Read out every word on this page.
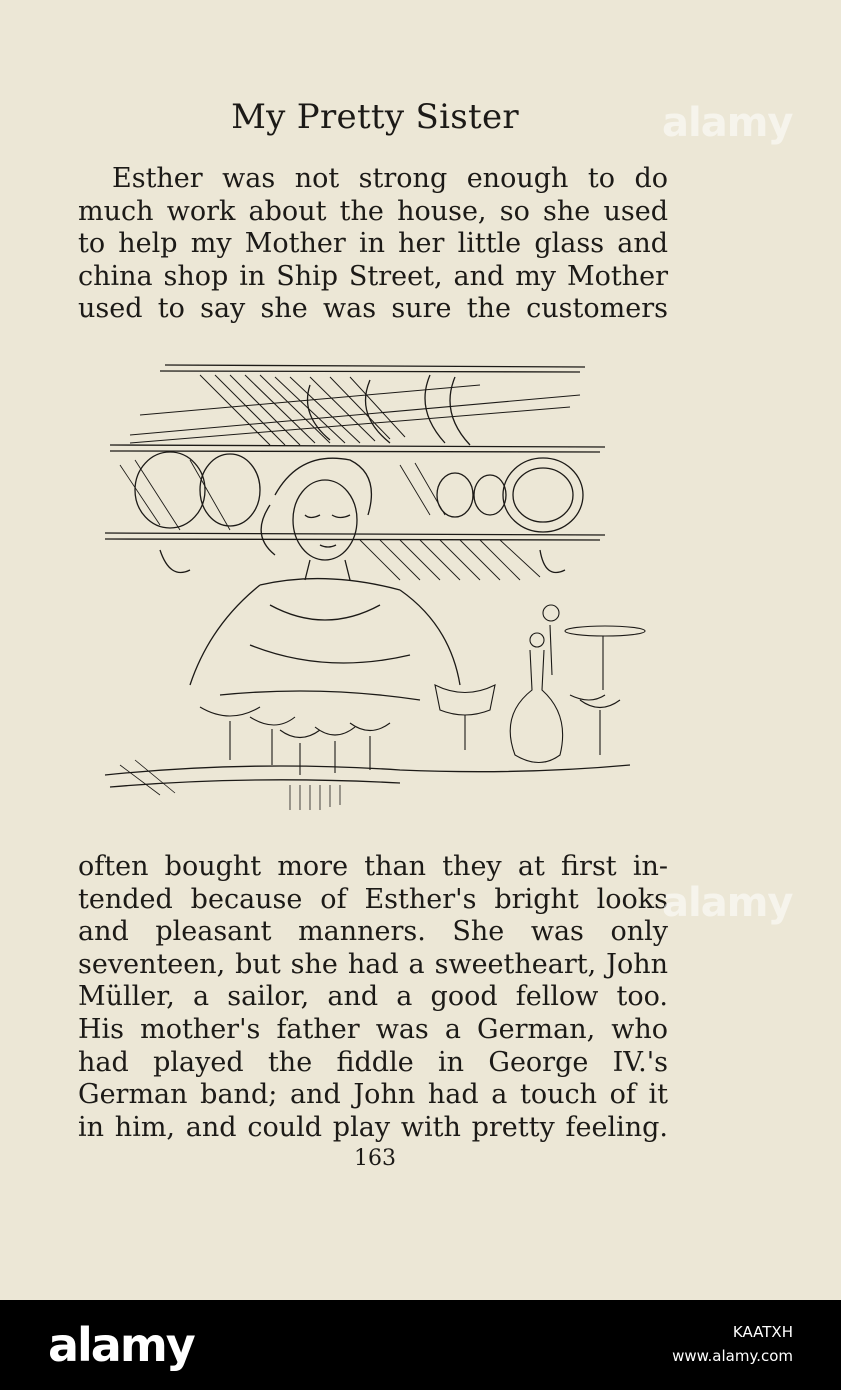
My Pretty Sister
Esther was not strong enough to do
much work about the house, so she used
to help my Mother in her little glass and
china shop in Ship Street, and my Mother
used to say she was sure the customers
often bought more than they at first in-
tended because of Esther's bright looks
and pleasant manners. She was only
seventeen, but she had a sweetheart, John
Müller, a sailor, and a good fellow too.
His mother's father was a German, who
had played the fiddle in George IV.'s
German band; and John had a touch of it
in him, and could play with pretty feeling.
163
alamy
alamy
alamy	KAATXH
www.alamy.com
